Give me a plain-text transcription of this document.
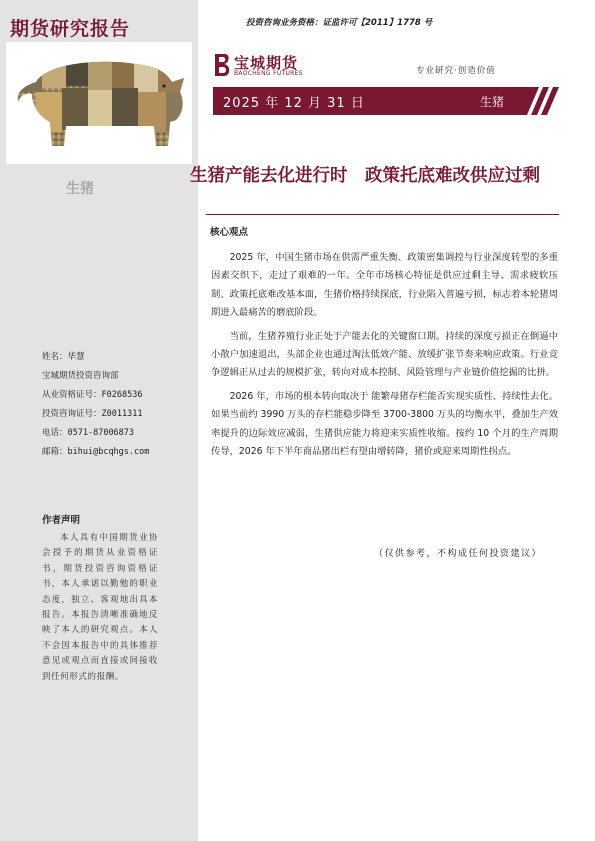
期货研究报告
生猪
姓名：毕慧
宝城期货投资咨询部
从业资格证号：F0268536
投资咨询证号：Z0011311
电话：0571-87006873
邮箱：bihui@bcqhgs.com
作者声明
本人具有中国期货业协会授予的期货从业资格证书，期货投资咨询资格证书，本人承诺以勤勉的职业态度，独立、客观地出具本报告。本报告清晰准确地反映了本人的研究观点。本人不会因本报告中的具体推荐意见或观点而直接或间接收到任何形式的报酬。
投资咨询业务资格：证监许可【2011】1778 号
宝城期货
BAOCHENG FUTURES	专业研究·创造价值
2025 年 12 月 31 日	生猪
生猪产能去化进行时　政策托底难改供应过剩
核心观点

2025 年，中国生猪市场在供需严重失衡、政策密集调控与行业深度转型的多重因素交织下，走过了艰难的一年。全年市场核心特征是供应过剩主导、需求疲软压制、政策托底难改基本面，生猪价格持续探底，行业陷入普遍亏损，标志着本轮猪周期进入最痛苦的磨底阶段。

当前，生猪养殖行业正处于产能去化的关键窗口期。持续的深度亏损正在倒逼中小散户加速退出，头部企业也通过淘汰低效产能、放缓扩张节奏来响应政策。行业竞争逻辑正从过去的规模扩张，转向对成本控制、风险管理与产业链价值挖掘的比拼。

2026 年，市场的根本转向取决于 能繁母猪存栏能否实现实质性、持续性去化。如果当前约 3990 万头的存栏能稳步降至 3700-3800 万头的均衡水平，叠加生产效率提升的边际效应减弱，生猪供应能力将迎来实质性收缩。按约 10 个月的生产周期传导，2026 年下半年商品猪出栏有望由增转降，猪价或迎来周期性拐点。

（仅供参考，不构成任何投资建议）
